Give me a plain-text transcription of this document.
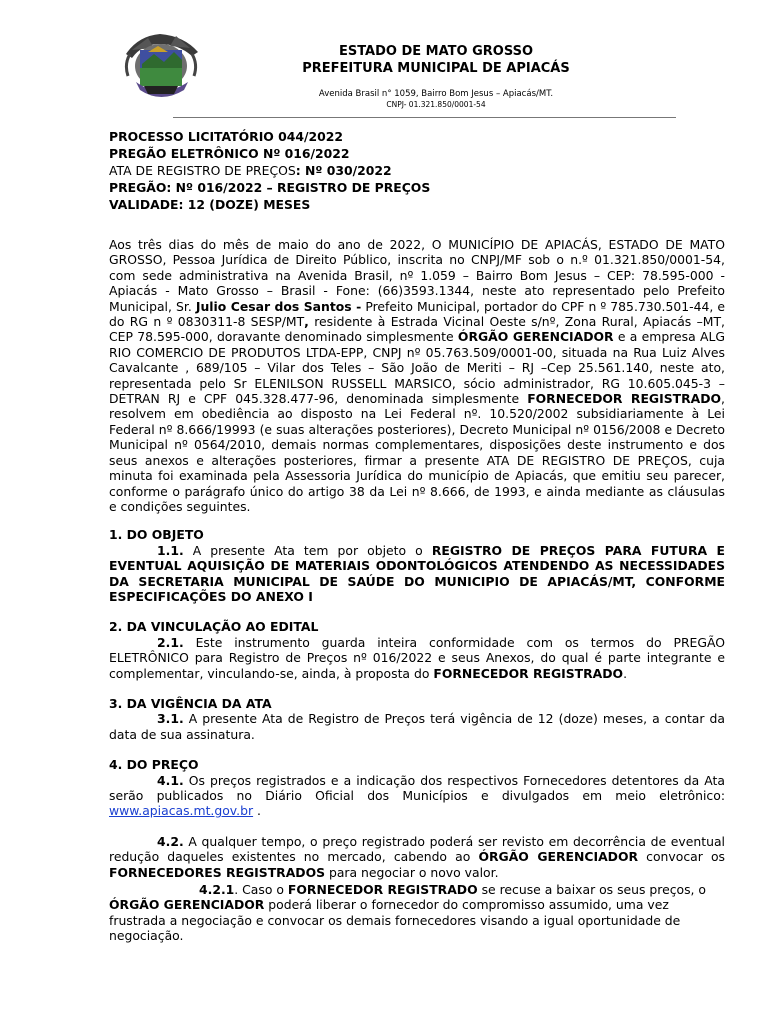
ESTADO DE MATO GROSSO
PREFEITURA MUNICIPAL DE APIACÁS
Avenida Brasil n° 1059, Bairro Bom Jesus – Apiacás/MT.
CNPJ- 01.321.850/0001-54
PROCESSO LICITATÓRIO 044/2022
PREGÃO ELETRÔNICO Nº 016/2022
ATA DE REGISTRO DE PREÇOS: Nº 030/2022
PREGÃO: Nº 016/2022 – REGISTRO DE PREÇOS
VALIDADE: 12 (DOZE) MESES

Aos três dias do mês de maio do ano de 2022, O MUNICÍPIO DE APIACÁS, ESTADO DE MATO GROSSO, Pessoa Jurídica de Direito Público, inscrita no CNPJ/MF sob o n.º 01.321.850/0001-54, com sede administrativa na Avenida Brasil, nº 1.059 – Bairro Bom Jesus – CEP: 78.595-000 - Apiacás - Mato Grosso – Brasil - Fone: (66)3593.1344, neste ato representado pelo Prefeito Municipal, Sr. Julio Cesar dos Santos - Prefeito Municipal, portador do CPF n º 785.730.501-44, e do RG n º 0830311-8 SESP/MT, residente à Estrada Vicinal Oeste s/nº, Zona Rural, Apiacás –MT, CEP 78.595-000, doravante denominado simplesmente ÓRGÃO GERENCIADOR e a empresa ALG RIO COMERCIO DE PRODUTOS LTDA-EPP, CNPJ nº 05.763.509/0001-00, situada na Rua Luiz Alves Cavalcante , 689/105 – Vilar dos Teles – São João de Meriti – RJ –Cep 25.561.140, neste ato, representada pelo Sr ELENILSON RUSSELL MARSICO, sócio administrador, RG 10.605.045-3 – DETRAN RJ e CPF 045.328.477-96, denominada simplesmente FORNECEDOR REGISTRADO, resolvem em obediência ao disposto na Lei Federal nº. 10.520/2002 subsidiariamente à Lei Federal nº 8.666/19993 (e suas alterações posteriores), Decreto Municipal nº 0156/2008 e Decreto Municipal nº 0564/2010, demais normas complementares, disposições deste instrumento e dos seus anexos e alterações posteriores, firmar a presente ATA DE REGISTRO DE PREÇOS, cuja minuta foi examinada pela Assessoria Jurídica do município de Apiacás, que emitiu seu parecer, conforme o parágrafo único do artigo 38 da Lei nº 8.666, de 1993, e ainda mediante as cláusulas e condições seguintes.

1. DO OBJETO

1.1. A presente Ata tem por objeto o REGISTRO DE PREÇOS PARA FUTURA E EVENTUAL AQUISIÇÃO DE MATERIAIS ODONTOLÓGICOS ATENDENDO AS NECESSIDADES DA SECRETARIA MUNICIPAL DE SAÚDE DO MUNICIPIO DE APIACÁS/MT, CONFORME ESPECIFICAÇÕES DO ANEXO I

2. DA VINCULAÇÃO AO EDITAL

2.1. Este instrumento guarda inteira conformidade com os termos do PREGÃO ELETRÔNICO para Registro de Preços nº 016/2022 e seus Anexos, do qual é parte integrante e complementar, vinculando-se, ainda, à proposta do FORNECEDOR REGISTRADO.

3. DA VIGÊNCIA DA ATA

3.1. A presente Ata de Registro de Preços terá vigência de 12 (doze) meses, a contar da data de sua assinatura.

4. DO PREÇO

4.1. Os preços registrados e a indicação dos respectivos Fornecedores detentores da Ata serão publicados no Diário Oficial dos Municípios e divulgados em meio eletrônico: www.apiacas.mt.gov.br .

4.2. A qualquer tempo, o preço registrado poderá ser revisto em decorrência de eventual redução daqueles existentes no mercado, cabendo ao ÓRGÃO GERENCIADOR convocar os FORNECEDORES REGISTRADOS para negociar o novo valor.

4.2.1. Caso o FORNECEDOR REGISTRADO se recuse a baixar os seus preços, o ÓRGÃO GERENCIADOR poderá liberar o fornecedor do compromisso assumido, uma vez frustrada a negociação e convocar os demais fornecedores visando a igual oportunidade de negociação.
